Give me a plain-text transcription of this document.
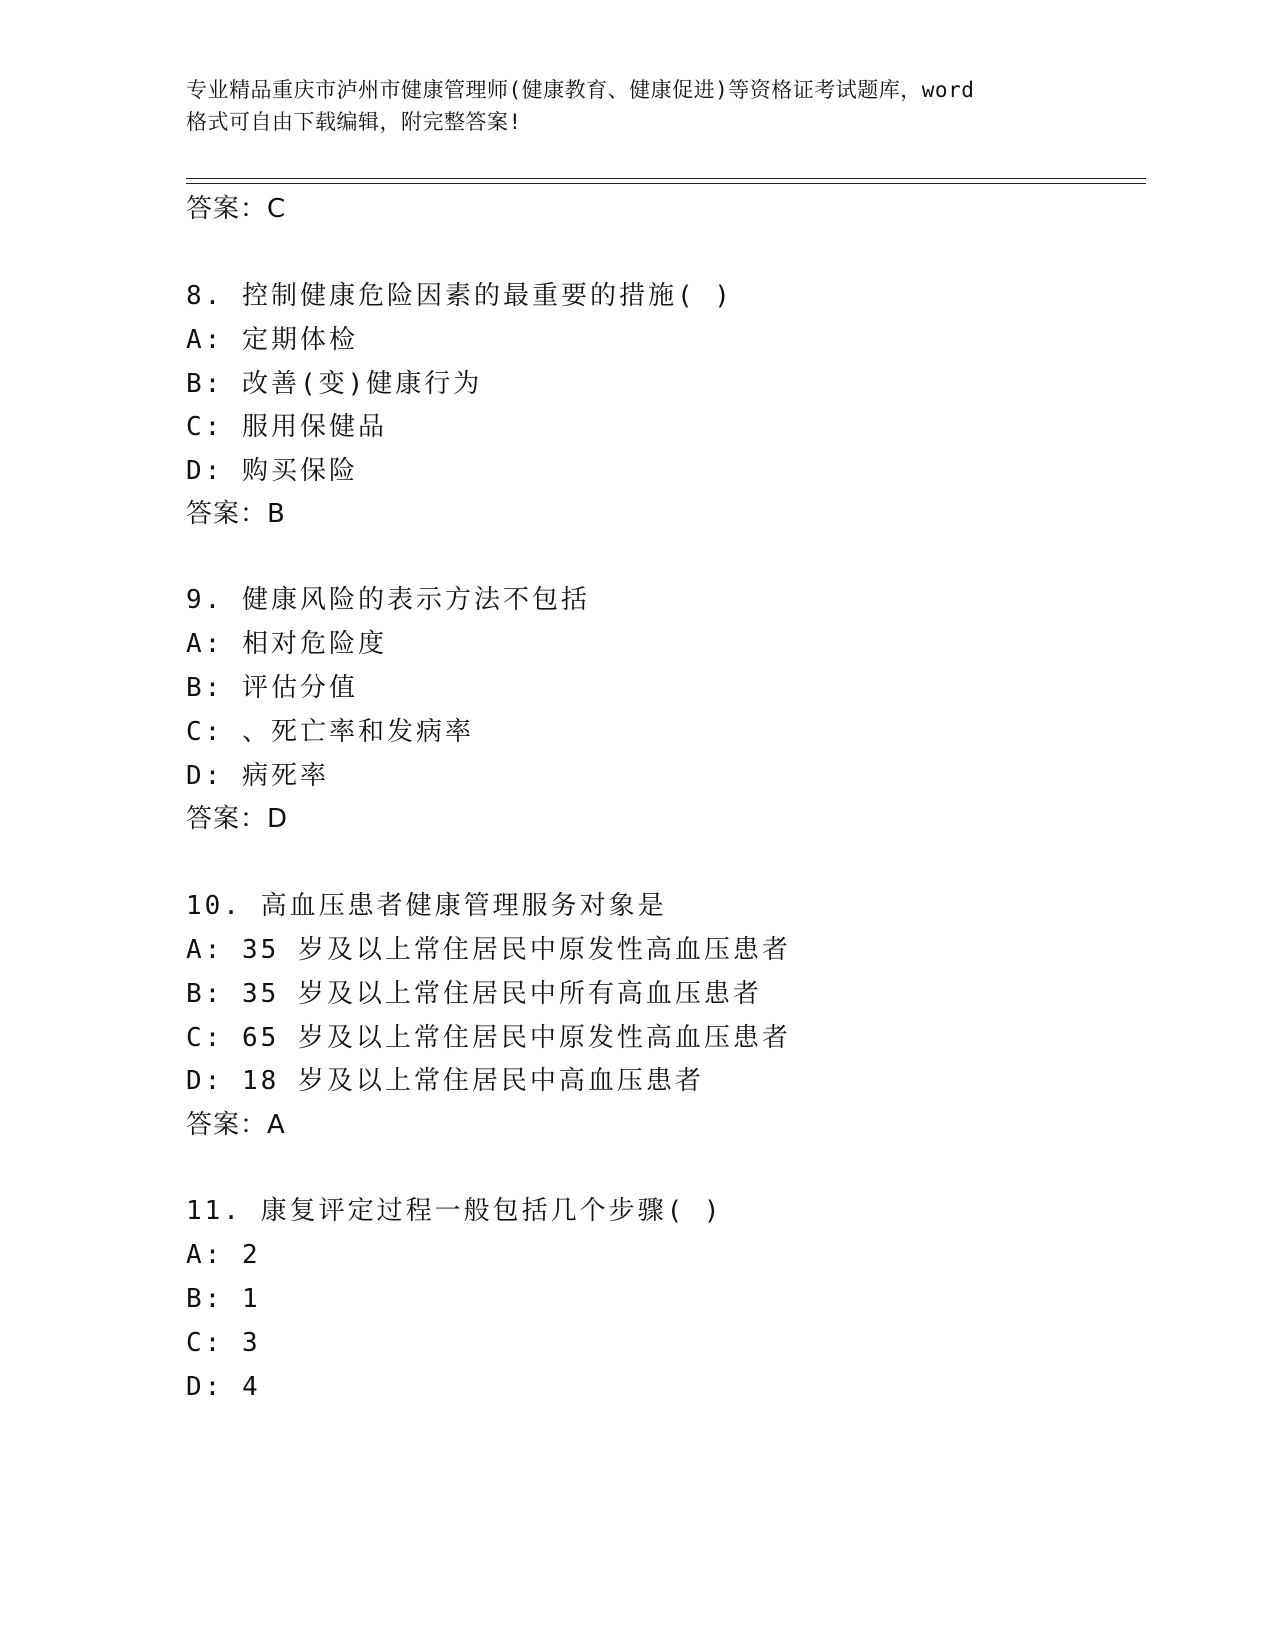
专业精品重庆市泸州市健康管理师(健康教育、健康促进)等资格证考试题库，word
格式可自由下载编辑，附完整答案!
答案：C
8. 控制健康危险因素的最重要的措施( )
A: 定期体检
B: 改善(变)健康行为
C: 服用保健品
D: 购买保险
答案：B
9. 健康风险的表示方法不包括
A: 相对危险度
B: 评估分值
C: 、死亡率和发病率
D: 病死率
答案：D
10. 高血压患者健康管理服务对象是
A: 35 岁及以上常住居民中原发性高血压患者
B: 35 岁及以上常住居民中所有高血压患者
C: 65 岁及以上常住居民中原发性高血压患者
D: 18 岁及以上常住居民中高血压患者
答案：A
11. 康复评定过程一般包括几个步骤( )
A: 2
B: 1
C: 3
D: 4
